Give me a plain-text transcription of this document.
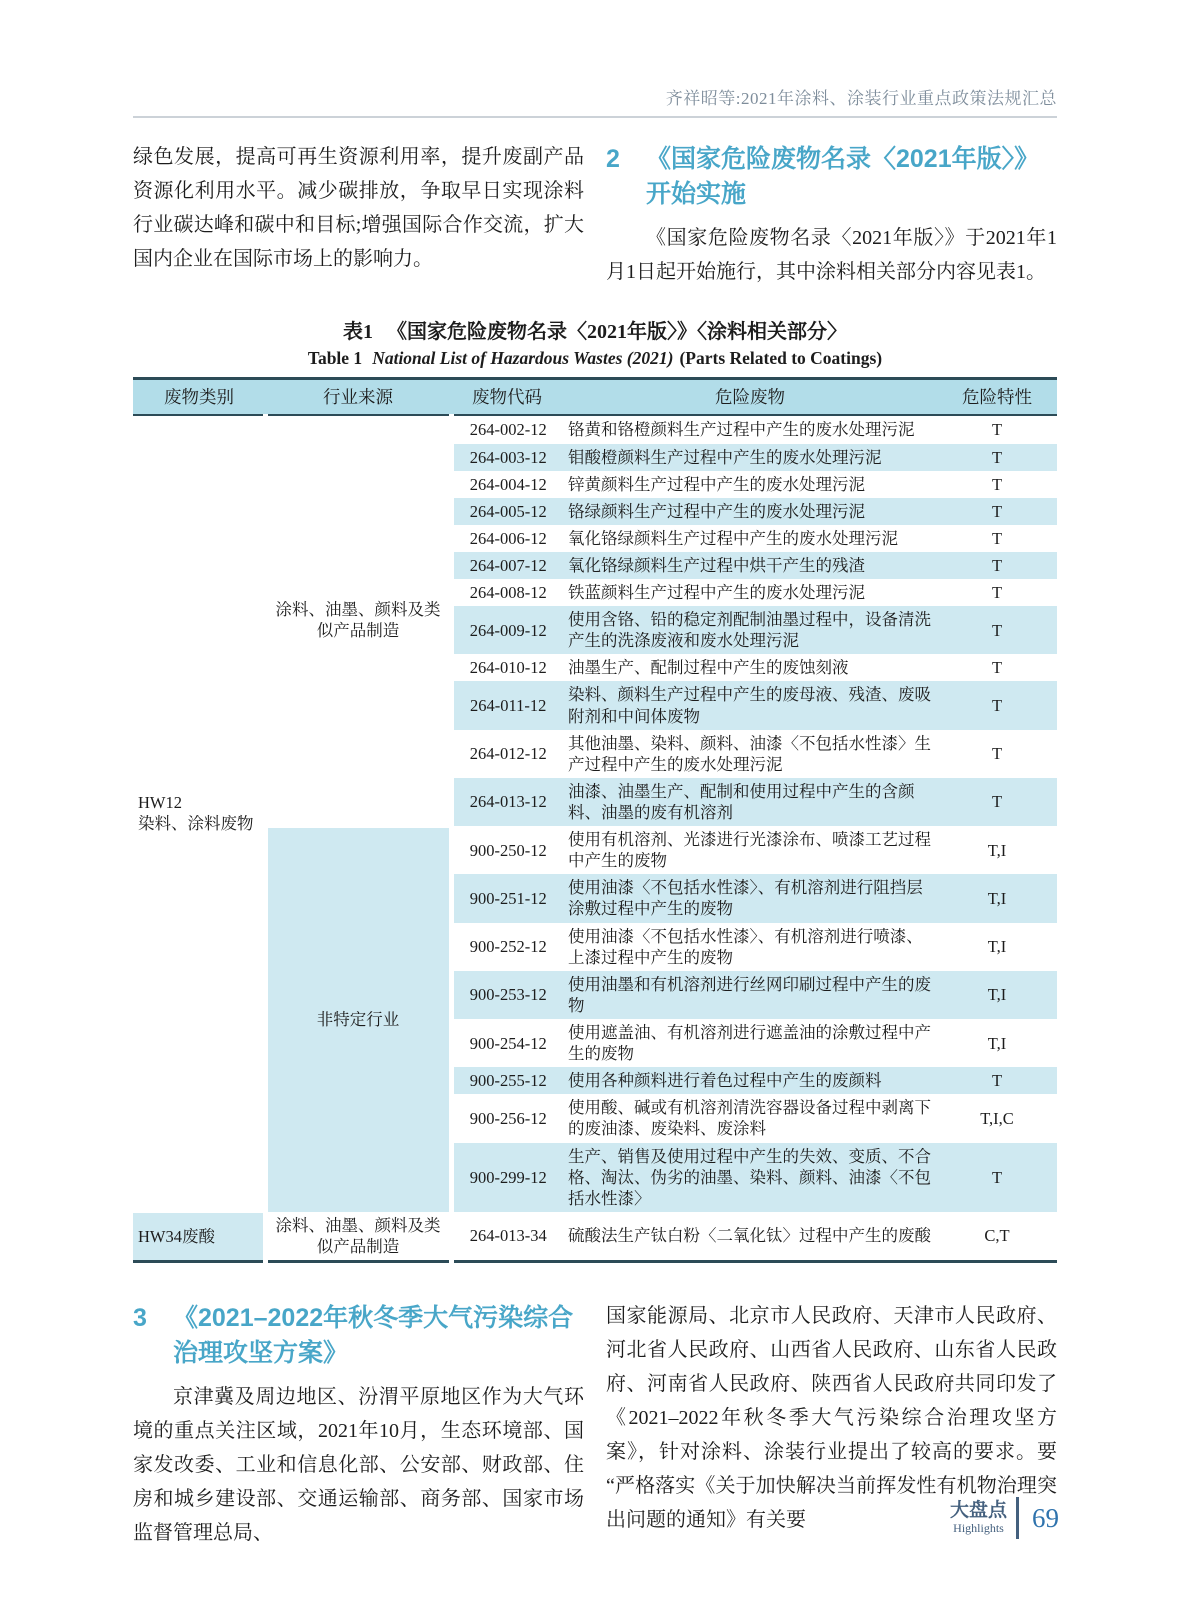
齐祥昭等:2021年涂料、涂装行业重点政策法规汇总

绿色发展，提高可再生资源利用率，提升废副产品资源化利用水平。减少碳排放，争取早日实现涂料行业碳达峰和碳中和目标;增强国际合作交流，扩大国内企业在国际市场上的影响力。

2	《国家危险废物名录〈2021年版〉》开始实施

《国家危险废物名录〈2021年版〉》于2021年1月1日起开始施行，其中涂料相关部分内容见表1。

表1 《国家危险废物名录〈2021年版〉》〈涂料相关部分〉

Table 1 National List of Hazardous Wastes (2021) (Parts Related to Coatings)

废物类别	行业来源	废物代码	危险废物	危险特性

HW12
染料、涂料废物	涂料、油墨、颜料及类似产品制造	264-002-12	铬黄和铬橙颜料生产过程中产生的废水处理污泥	T
		264-003-12	钼酸橙颜料生产过程中产生的废水处理污泥	T
		264-004-12	锌黄颜料生产过程中产生的废水处理污泥	T
		264-005-12	铬绿颜料生产过程中产生的废水处理污泥	T
		264-006-12	氧化铬绿颜料生产过程中产生的废水处理污泥	T
		264-007-12	氧化铬绿颜料生产过程中烘干产生的残渣	T
		264-008-12	铁蓝颜料生产过程中产生的废水处理污泥	T
		264-009-12	使用含铬、铅的稳定剂配制油墨过程中，设备清洗产生的洗涤废液和废水处理污泥	T
		264-010-12	油墨生产、配制过程中产生的废蚀刻液	T
		264-011-12	染料、颜料生产过程中产生的废母液、残渣、废吸附剂和中间体废物	T
		264-012-12	其他油墨、染料、颜料、油漆〈不包括水性漆〉生产过程中产生的废水处理污泥	T
		264-013-12	油漆、油墨生产、配制和使用过程中产生的含颜料、油墨的废有机溶剂	T
	非特定行业	900-250-12	使用有机溶剂、光漆进行光漆涂布、喷漆工艺过程中产生的废物	T,I
		900-251-12	使用油漆〈不包括水性漆〉、有机溶剂进行阻挡层涂敷过程中产生的废物	T,I
		900-252-12	使用油漆〈不包括水性漆〉、有机溶剂进行喷漆、上漆过程中产生的废物	T,I
		900-253-12	使用油墨和有机溶剂进行丝网印刷过程中产生的废物	T,I
		900-254-12	使用遮盖油、有机溶剂进行遮盖油的涂敷过程中产生的废物	T,I
		900-255-12	使用各种颜料进行着色过程中产生的废颜料	T
		900-256-12	使用酸、碱或有机溶剂清洗容器设备过程中剥离下的废油漆、废染料、废涂料	T,I,C
		900-299-12	生产、销售及使用过程中产生的失效、变质、不合格、淘汰、伪劣的油墨、染料、颜料、油漆〈不包括水性漆〉	T
HW34废酸	涂料、油墨、颜料及类似产品制造	264-013-34	硫酸法生产钛白粉〈二氧化钛〉过程中产生的废酸	C,T
3	《2021–2022年秋冬季大气污染综合治理攻坚方案》

京津冀及周边地区、汾渭平原地区作为大气环境的重点关注区域，2021年10月，生态环境部、国家发改委、工业和信息化部、公安部、财政部、住房和城乡建设部、交通运输部、商务部、国家市场监督管理总局、

国家能源局、北京市人民政府、天津市人民政府、河北省人民政府、山西省人民政府、山东省人民政府、河南省人民政府、陕西省人民政府共同印发了《2021–2022年秋冬季大气污染综合治理攻坚方案》，针对涂料、涂装行业提出了较高的要求。要“严格落实《关于加快解决当前挥发性有机物治理突出问题的通知》有关要	大盘点
Highlights 69
